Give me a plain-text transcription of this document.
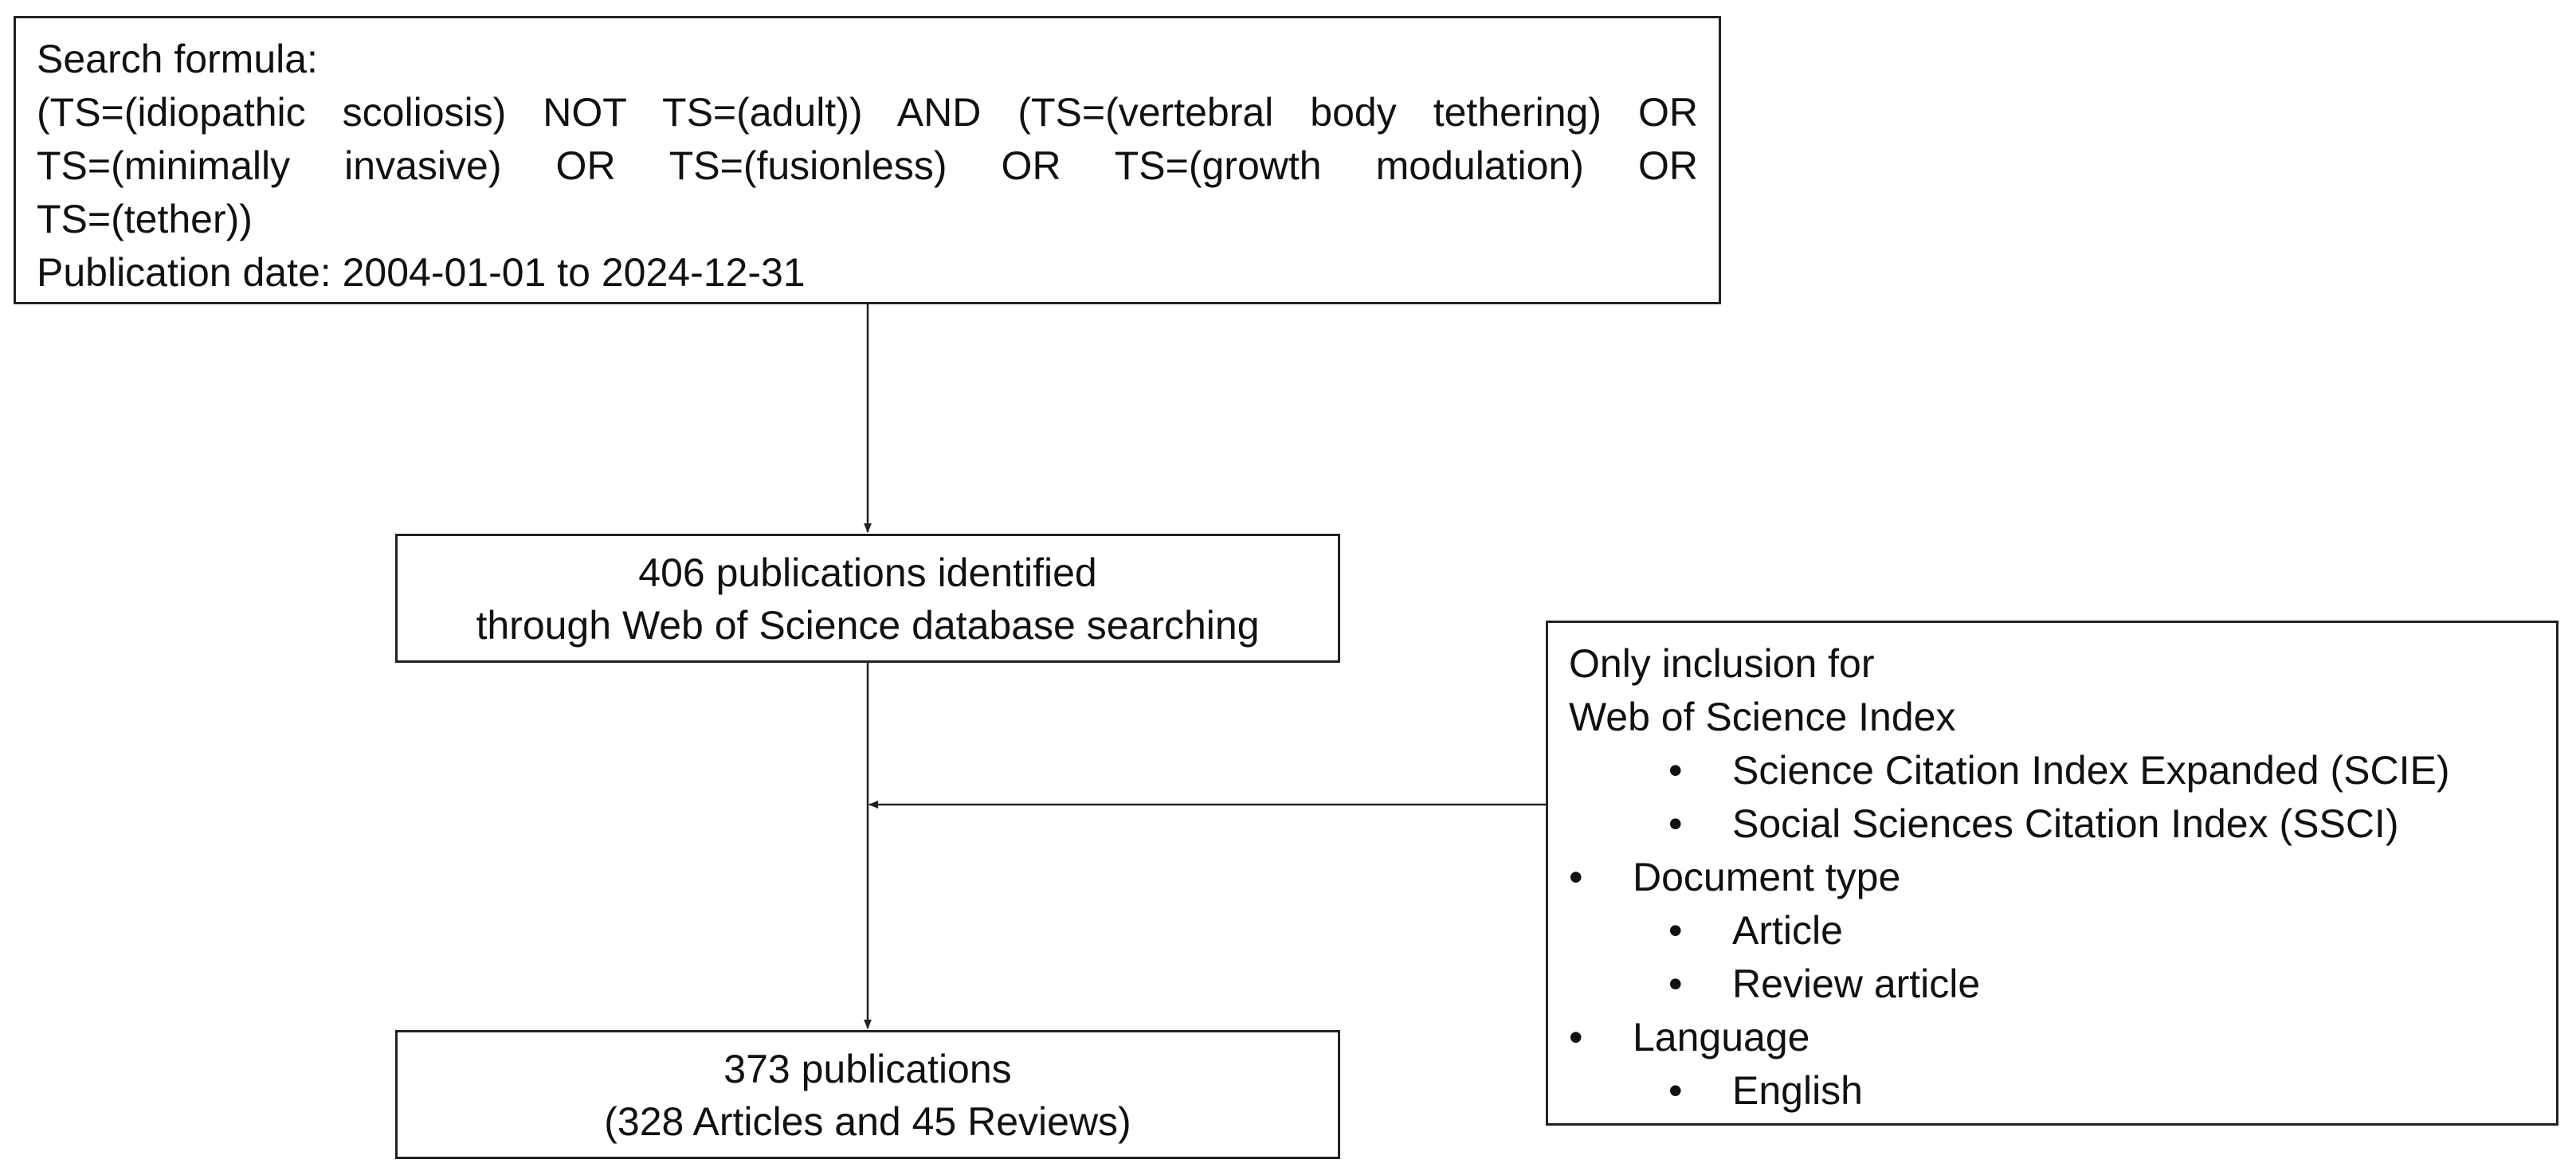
Search formula:
(TS=(idiopathic scoliosis) NOT TS=(adult)) AND (TS=(vertebral body tethering) OR
TS=(minimally invasive) OR TS=(fusionless) OR TS=(growth modulation) OR
TS=(tether))
Publication date: 2004-01-01 to 2024-12-31
406 publications identified
through Web of Science database searching
373 publications
(328 Articles and 45 Reviews)
Only inclusion for
Web of Science Index
• Science Citation Index Expanded (SCIE)
• Social Sciences Citation Index (SSCI)
• Document type
• Article
• Review article
• Language
• English
